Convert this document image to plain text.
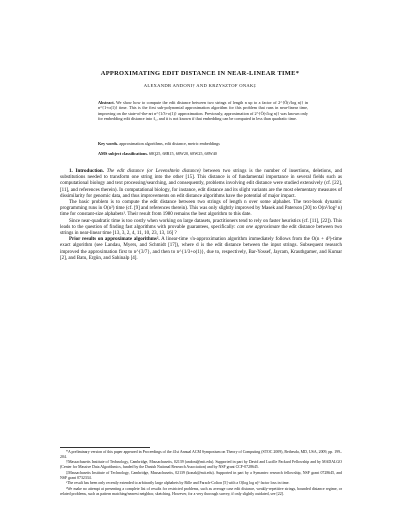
APPROXIMATING EDIT DISTANCE IN NEAR-LINEAR TIME*
ALEXANDR ANDONI† AND KRZYSZTOF ONAK‡
Abstract. We show how to compute the edit distance between two strings of length n up to a factor of 2^{Õ(√log n)} in n^{1+o(1)} time. This is the first sub-polynomial approximation algorithm for this problem that runs in near-linear time, improving on the state-of-the-art n^{1/3+o(1)} approximation. Previously, approximation of 2^{Õ(√log n)} was known only for embedding edit distance into ℓ₁, and it is not known if that embedding can be computed in less than quadratic time.
Key words. approximation algorithms, edit distance, metric embeddings
AMS subject classifications. 68Q25, 68R15, 68W20, 68W25, 68W40

1. Introduction. The edit distance (or Levenshtein distance) between two strings is the number of insertions, deletions, and substitutions needed to transform one string into the other [15]. This distance is of fundamental importance in several fields such as computational biology and text processing/searching, and consequently, problems involving edit distance were studied extensively (cf. [22], [11], and references therein). In computational biology, for instance, edit distance and its slight variants are the most elementary measures of dissimilarity for genomic data, and thus improvements on edit distance algorithms have the potential of major impact.

The basic problem is to compute the edit distance between two strings of length n over some alphabet. The text-book dynamic programming runs in O(n²) time (cf. [9] and references therein). This was only slightly improved by Masek and Paterson [20] to O(n²/log² n) time for constant-size alphabets¹. Their result from 1980 remains the best algorithm to this date.

Since near-quadratic time is too costly when working on large datasets, practitioners tend to rely on faster heuristics (cf. [11], [22]). This leads to the question of finding fast algorithms with provable guarantees, specifically: can one approximate the edit distance between two strings in near-linear time [13, 3, 2, 4, 11, 10, 23, 13, 16] ?

Prior results on approximate algorithms². A linear-time √n-approximation algorithm immediately follows from the O(n + d²)-time exact algorithm (see Landau, Myers, and Schmidt [17]), where d is the edit distance between the input strings. Subsequent research improved the approximation first to n^{3/7}, and then to n^{1/3+o(1)}, due to, respectively, Bar-Yossef, Jayram, Krauthgamer, and Kumar [2], and Batu, Ergün, and Sahinalp [4].

*A preliminary version of this paper appeared in Proceedings of the 41st Annual ACM Symposium on Theory of Computing (STOC 2009), Bethesda, MD, USA, 2009, pp. 199–204.

†Massachusetts Institute of Technology, Cambridge, Massachusetts, 02139 (andoni@mit.edu). Supported in part by David and Lucille Packard Fellowship and by MADALGO (Center for Massive Data Algorithmics, funded by the Danish National Research Association) and by NSF grant CCF-0728645.

‡Massachusetts Institute of Technology, Cambridge, Massachusetts, 02139 (konak@mit.edu). Supported in part by a Symantec research fellowship, NSF grant 0728645, and NSF grant 0732334.

¹The result has been only recently extended to arbitrarily large alphabets by Bille and Farach-Colton [5] with a O(log log n)² factor loss in time.

²We make no attempt at presenting a complete list of results for restricted problems, such as average case edit distance, weakly-repetitive strings, bounded distance regime, or related problems, such as pattern matching/nearest neighbor, sketching. However, for a very thorough survey, if only slightly outdated, see [22].
